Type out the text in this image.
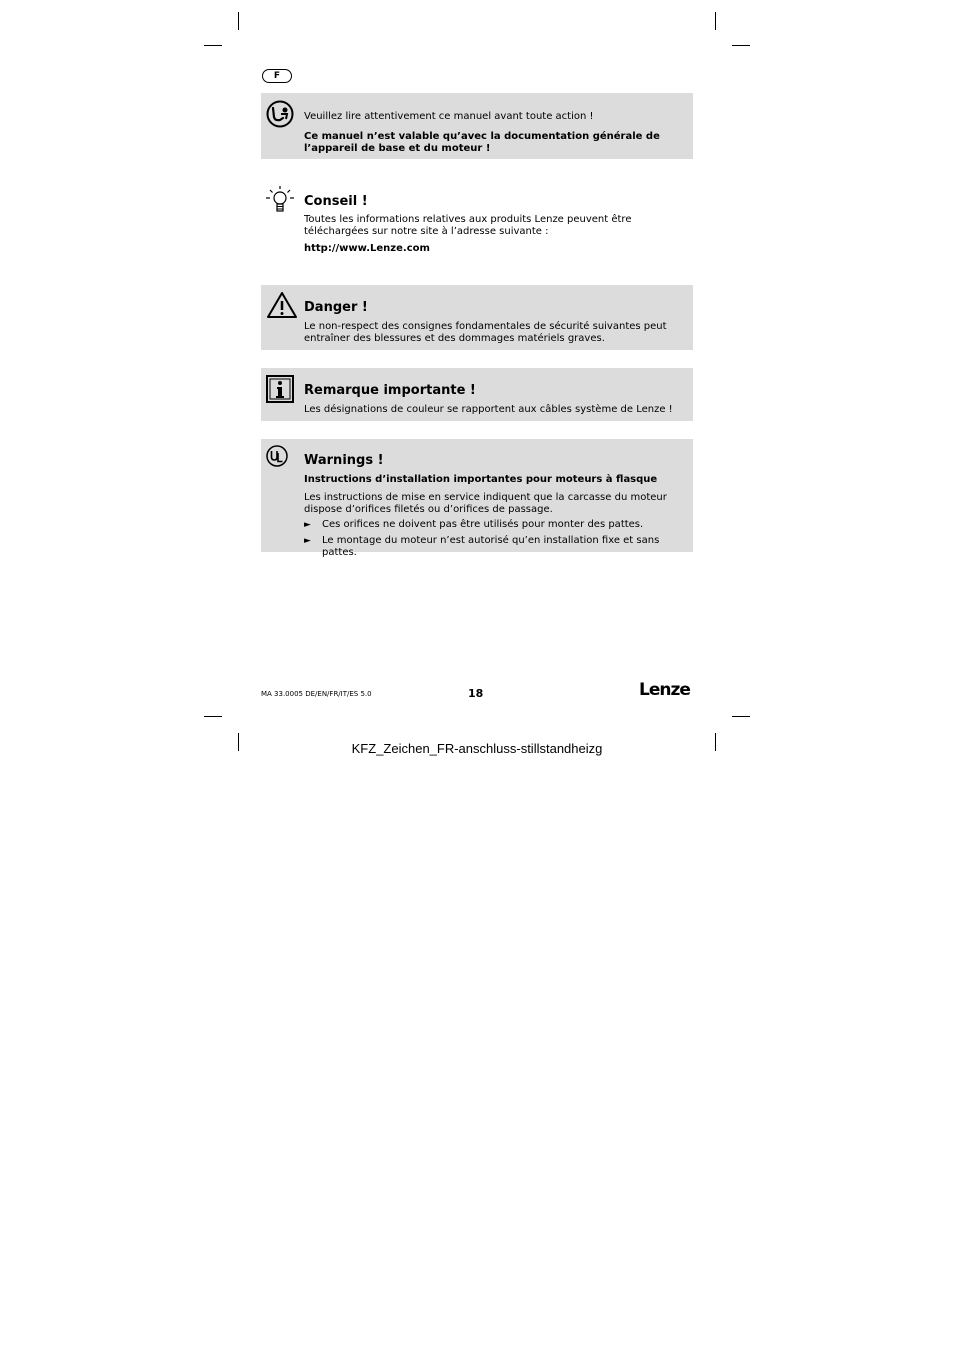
F
Veuillez lire attentivement ce manuel avant toute action !
Ce manuel n’est valable qu’avec la documentation générale de l’appareil de base et du moteur !
Conseil !
Toutes les informations relatives aux produits Lenze peuvent être téléchargées sur notre site à l’adresse suivante :
http://www.Lenze.com
Danger !
Le non-respect des consignes fondamentales de sécurité suivantes peut entraîner des blessures et des dommages matériels graves.
Remarque importante !
Les désignations de couleur se rapportent aux câbles système de Lenze !
Warnings !
Instructions d’installation importantes pour moteurs à flasque
Les instructions de mise en service indiquent que la carcasse du moteur dispose d’orifices filetés ou d’orifices de passage.
►	Ces orifices ne doivent pas être utilisés pour monter des pattes.
►	Le montage du moteur n’est autorisé qu’en installation fixe et sans pattes.
MA 33.0005 DE/EN/FR/IT/ES 5.0	18	Lenze
KFZ_Zeichen_FR-anschluss-stillstandheizg
